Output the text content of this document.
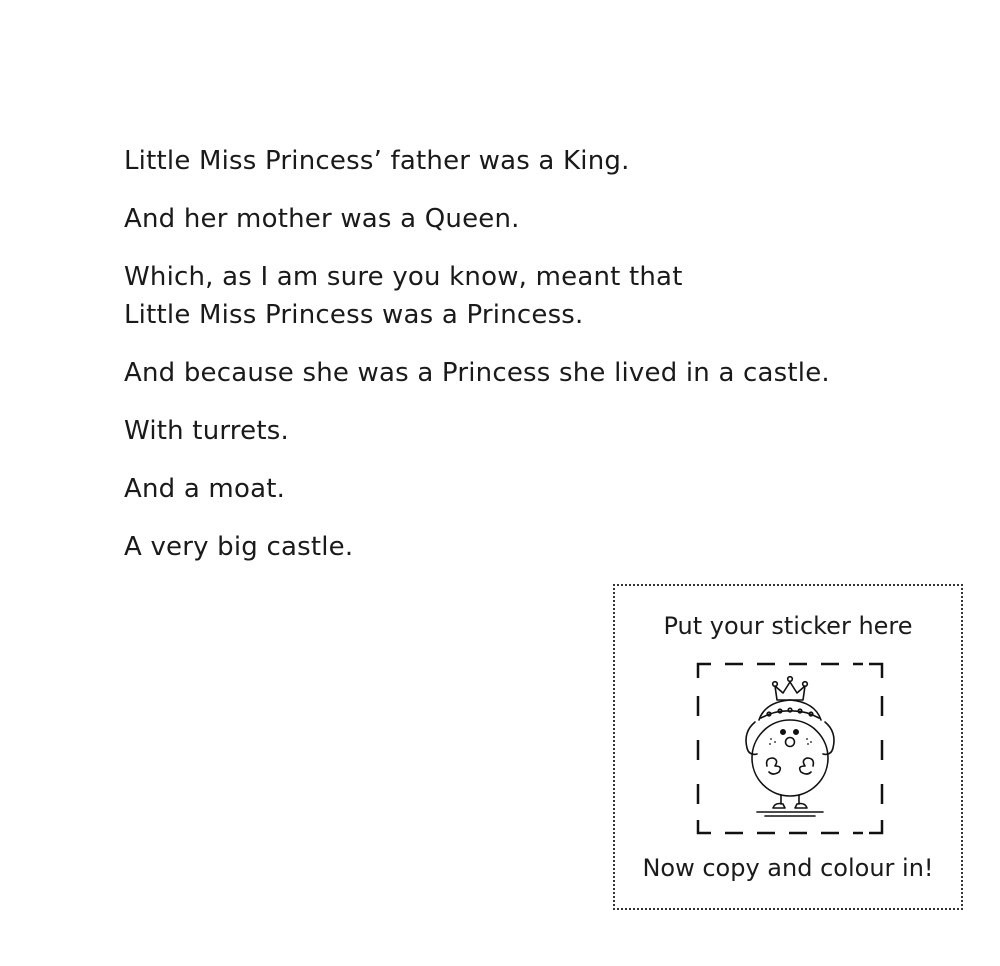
Little Miss Princess’ father was a King.

And her mother was a Queen.

Which, as I am sure you know, meant that
Little Miss Princess was a Princess.

And because she was a Princess she lived in a castle.

With turrets.

And a moat.

A very big castle.

Put your sticker here
Now copy and colour in!
